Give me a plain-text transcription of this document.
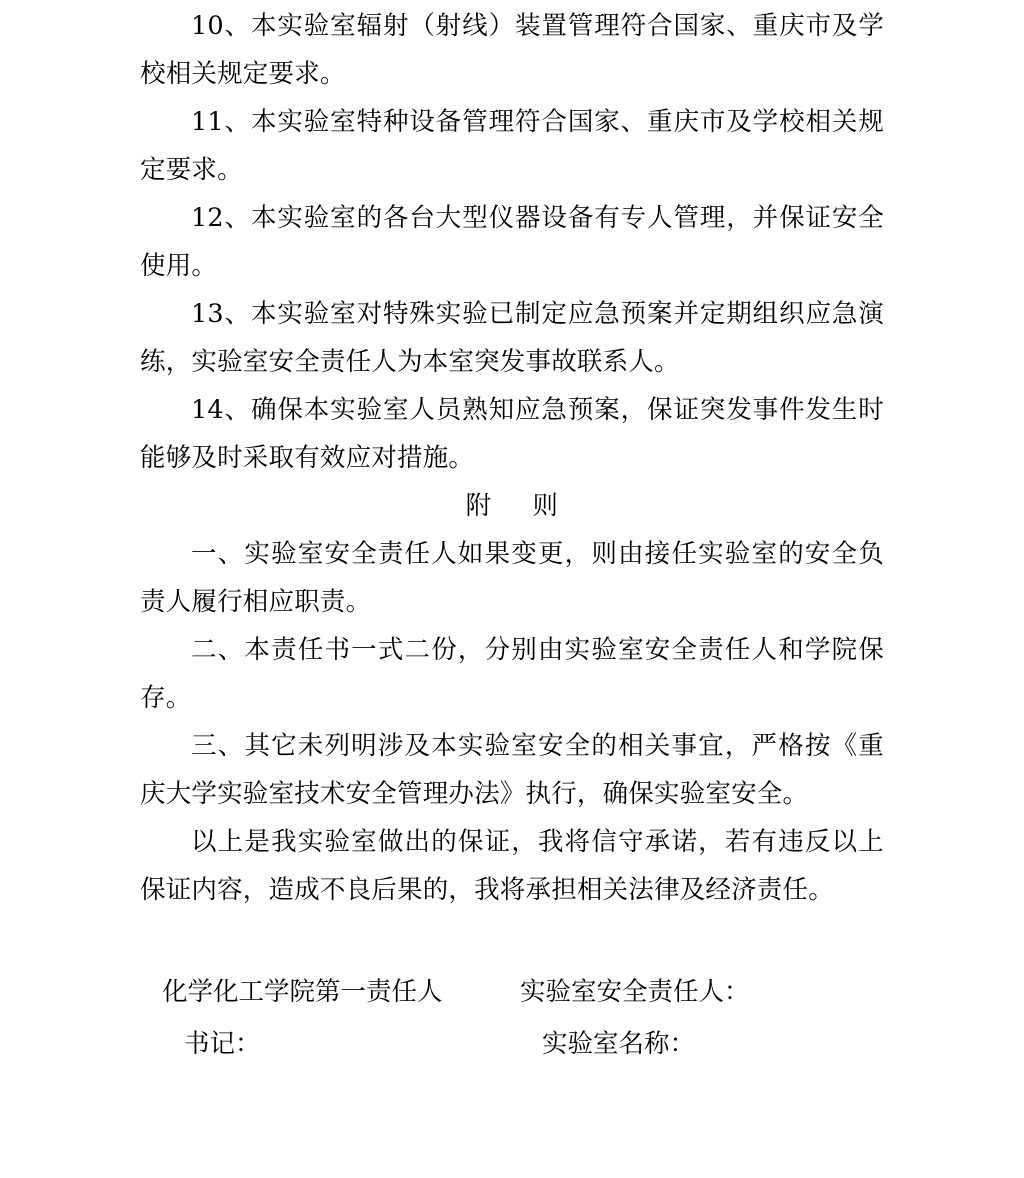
10、本实验室辐射（射线）装置管理符合国家、重庆市及学校相关规定要求。

11、本实验室特种设备管理符合国家、重庆市及学校相关规定要求。

12、本实验室的各台大型仪器设备有专人管理，并保证安全使用。

13、本实验室对特殊实验已制定应急预案并定期组织应急演练，实验室安全责任人为本室突发事故联系人。

14、确保本实验室人员熟知应急预案，保证突发事件发生时能够及时采取有效应对措施。

附 则

一、实验室安全责任人如果变更，则由接任实验室的安全负责人履行相应职责。

二、本责任书一式二份，分别由实验室安全责任人和学院保存。

三、其它未列明涉及本实验室安全的相关事宜，严格按《重庆大学实验室技术安全管理办法》执行，确保实验室安全。

以上是我实验室做出的保证，我将信守承诺，若有违反以上保证内容，造成不良后果的，我将承担相关法律及经济责任。

化学化工学院第一责任人	实验室安全责任人：
书记：	实验室名称：
